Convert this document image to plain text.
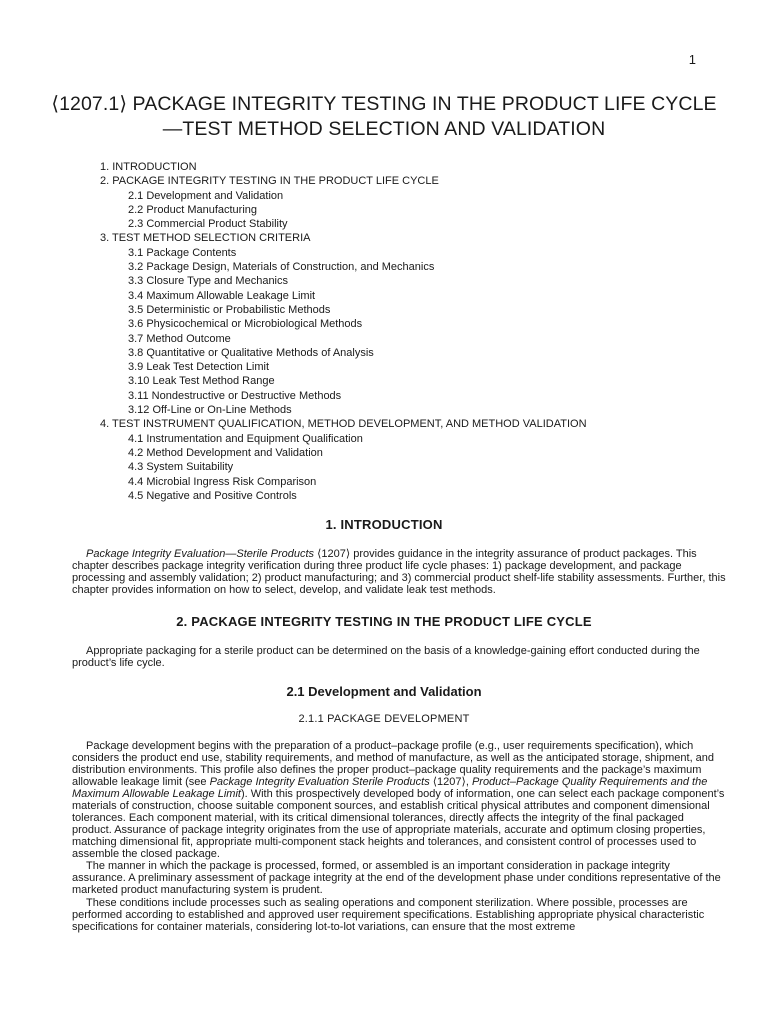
1
⟨1207.1⟩ PACKAGE INTEGRITY TESTING IN THE PRODUCT LIFE CYCLE
—TEST METHOD SELECTION AND VALIDATION
1. INTRODUCTION
2. PACKAGE INTEGRITY TESTING IN THE PRODUCT LIFE CYCLE
2.1 Development and Validation
2.2 Product Manufacturing
2.3 Commercial Product Stability
3. TEST METHOD SELECTION CRITERIA
3.1 Package Contents
3.2 Package Design, Materials of Construction, and Mechanics
3.3 Closure Type and Mechanics
3.4 Maximum Allowable Leakage Limit
3.5 Deterministic or Probabilistic Methods
3.6 Physicochemical or Microbiological Methods
3.7 Method Outcome
3.8 Quantitative or Qualitative Methods of Analysis
3.9 Leak Test Detection Limit
3.10 Leak Test Method Range
3.11 Nondestructive or Destructive Methods
3.12 Off-Line or On-Line Methods
4. TEST INSTRUMENT QUALIFICATION, METHOD DEVELOPMENT, AND METHOD VALIDATION
4.1 Instrumentation and Equipment Qualification
4.2 Method Development and Validation
4.3 System Suitability
4.4 Microbial Ingress Risk Comparison
4.5 Negative and Positive Controls
1. INTRODUCTION

Package Integrity Evaluation—Sterile Products ⟨1207⟩ provides guidance in the integrity assurance of product packages. This chapter describes package integrity verification during three product life cycle phases: 1) package development, and package processing and assembly validation; 2) product manufacturing; and 3) commercial product shelf-life stability assessments. Further, this chapter provides information on how to select, develop, and validate leak test methods.

2. PACKAGE INTEGRITY TESTING IN THE PRODUCT LIFE CYCLE

Appropriate packaging for a sterile product can be determined on the basis of a knowledge-gaining effort conducted during the product’s life cycle.

2.1 Development and Validation
2.1.1 PACKAGE DEVELOPMENT

Package development begins with the preparation of a product–package profile (e.g., user requirements specification), which considers the product end use, stability requirements, and method of manufacture, as well as the anticipated storage, shipment, and distribution environments. This profile also defines the proper product–package quality requirements and the package’s maximum allowable leakage limit (see Package Integrity Evaluation Sterile Products ⟨1207⟩, Product–Package Quality Requirements and the Maximum Allowable Leakage Limit). With this prospectively developed body of information, one can select each package component’s materials of construction, choose suitable component sources, and establish critical physical attributes and component dimensional tolerances. Each component material, with its critical dimensional tolerances, directly affects the integrity of the final packaged product. Assurance of package integrity originates from the use of appropriate materials, accurate and optimum closing properties, matching dimensional fit, appropriate multi-component stack heights and tolerances, and consistent control of processes used to assemble the closed package.

The manner in which the package is processed, formed, or assembled is an important consideration in package integrity assurance. A preliminary assessment of package integrity at the end of the development phase under conditions representative of the marketed product manufacturing system is prudent.

These conditions include processes such as sealing operations and component sterilization. Where possible, processes are performed according to established and approved user requirement specifications. Establishing appropriate physical characteristic specifications for container materials, considering lot-to-lot variations, can ensure that the most extreme
